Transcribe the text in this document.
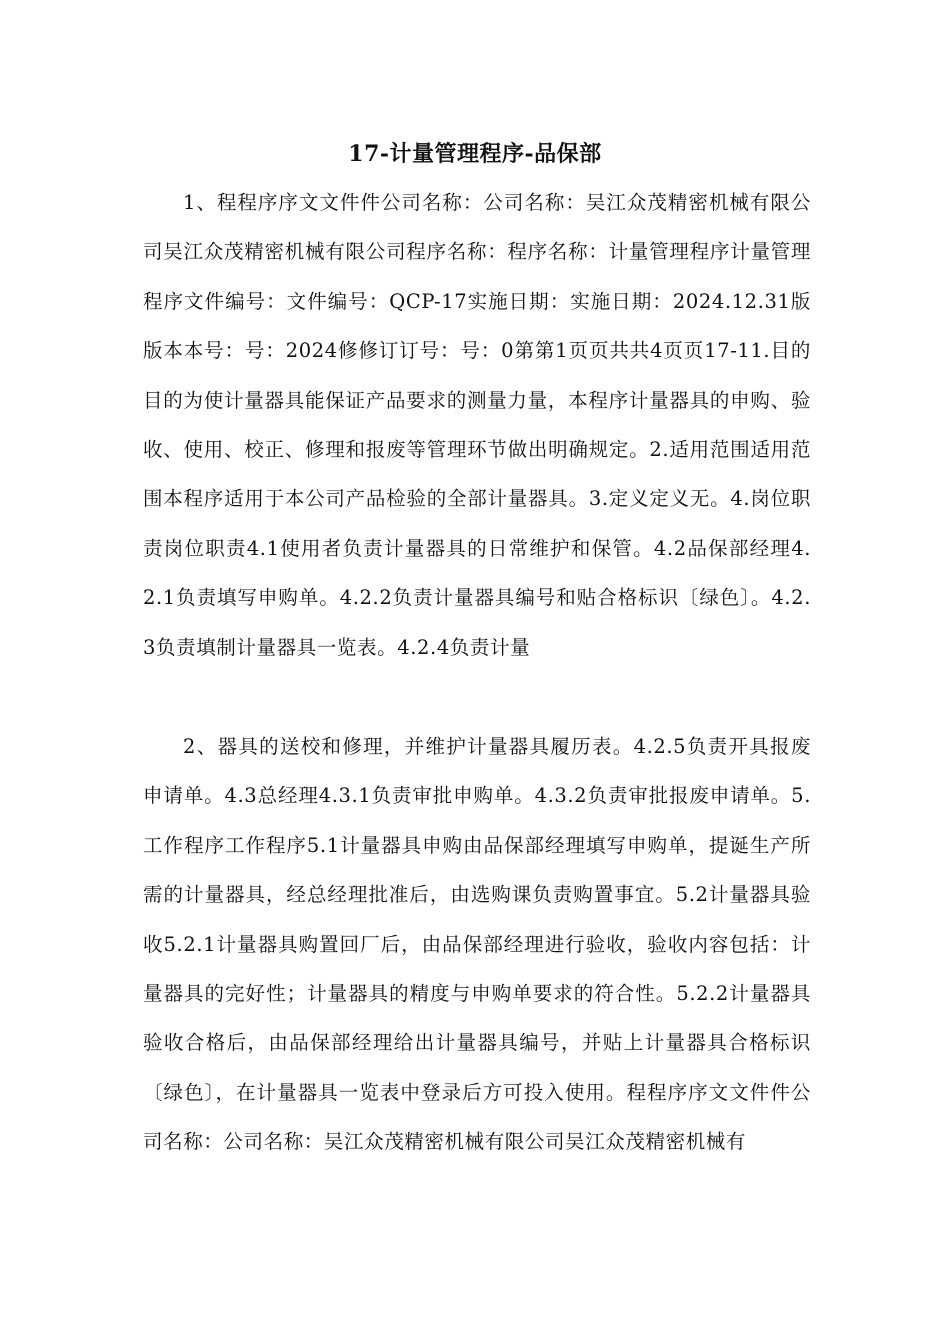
17-计量管理程序-品保部

1、程程序序文文件件公司名称：公司名称：吴江众茂精密机械有限公司吴江众茂精密机械有限公司程序名称：程序名称：计量管理程序计量管理程序文件编号：文件编号：QCP-17实施日期：实施日期：2024.12.31版版本本号：号：2024修修订订号：号：0第第1页页共共4页页17-11.目的目的为使计量器具能保证产品要求的测量力量，本程序计量器具的申购、验收、使用、校正、修理和报废等管理环节做出明确规定。2.适用范围适用范围本程序适用于本公司产品检验的全部计量器具。3.定义定义无。4.岗位职责岗位职责4.1使用者负责计量器具的日常维护和保管。4.2品保部经理4.2.1负责填写申购单。4.2.2负责计量器具编号和贴合格标识〔绿色〕。4.2.3负责填制计量器具一览表。4.2.4负责计量

2、器具的送校和修理，并维护计量器具履历表。4.2.5负责开具报废申请单。4.3总经理4.3.1负责审批申购单。4.3.2负责审批报废申请单。5.工作程序工作程序5.1计量器具申购由品保部经理填写申购单，提诞生产所需的计量器具，经总经理批准后，由选购课负责购置事宜。5.2计量器具验收5.2.1计量器具购置回厂后，由品保部经理进行验收，验收内容包括：计量器具的完好性；计量器具的精度与申购单要求的符合性。5.2.2计量器具验收合格后，由品保部经理给出计量器具编号，并贴上计量器具合格标识〔绿色〕，在计量器具一览表中登录后方可投入使用。程程序序文文件件公司名称：公司名称：吴江众茂精密机械有限公司吴江众茂精密机械有
